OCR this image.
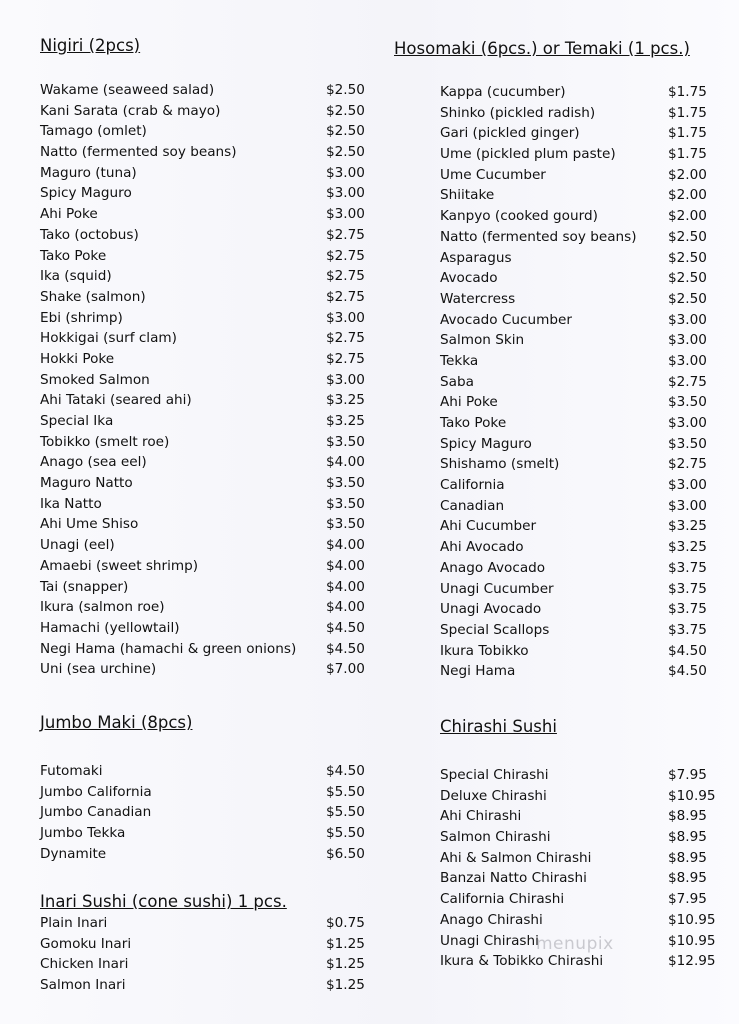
Nigiri (2pcs)
Wakame (seaweed salad)	$2.50
Kani Sarata (crab & mayo)	$2.50
Tamago (omlet)	$2.50
Natto (fermented soy beans)	$2.50
Maguro (tuna)	$3.00
Spicy Maguro	$3.00
Ahi Poke	$3.00
Tako (octobus)	$2.75
Tako Poke	$2.75
Ika (squid)	$2.75
Shake (salmon)	$2.75
Ebi (shrimp)	$3.00
Hokkigai (surf clam)	$2.75
Hokki Poke	$2.75
Smoked Salmon	$3.00
Ahi Tataki (seared ahi)	$3.25
Special Ika	$3.25
Tobikko (smelt roe)	$3.50
Anago (sea eel)	$4.00
Maguro Natto	$3.50
Ika Natto	$3.50
Ahi Ume Shiso	$3.50
Unagi (eel)	$4.00
Amaebi (sweet shrimp)	$4.00
Tai (snapper)	$4.00
Ikura (salmon roe)	$4.00
Hamachi (yellowtail)	$4.50
Negi Hama (hamachi & green onions) $4.50
Uni (sea urchine)	$7.00
Jumbo Maki (8pcs)
Futomaki	$4.50
Jumbo California	$5.50
Jumbo Canadian	$5.50
Jumbo Tekka	$5.50
Dynamite	$6.50
Inari Sushi (cone sushi) 1 pcs.
Plain Inari	$0.75
Gomoku Inari	$1.25
Chicken Inari	$1.25
Salmon Inari	$1.25
Hosomaki (6pcs.) or Temaki (1 pcs.)
Kappa (cucumber)	$1.75
Shinko (pickled radish)	$1.75
Gari (pickled ginger)	$1.75
Ume (pickled plum paste)	$1.75
Ume Cucumber	$2.00
Shiitake	$2.00
Kanpyo (cooked gourd)	$2.00
Natto (fermented soy beans) $2.50
Asparagus	$2.50
Avocado	$2.50
Watercress	$2.50
Avocado Cucumber	$3.00
Salmon Skin	$3.00
Tekka	$3.00
Saba	$2.75
Ahi Poke	$3.50
Tako Poke	$3.00
Spicy Maguro	$3.50
Shishamo (smelt)	$2.75
California	$3.00
Canadian	$3.00
Ahi Cucumber	$3.25
Ahi Avocado	$3.25
Anago Avocado	$3.75
Unagi Cucumber	$3.75
Unagi Avocado	$3.75
Special Scallops	$3.75
Ikura Tobikko	$4.50
Negi Hama	$4.50
Chirashi Sushi
Special Chirashi	$7.95
Deluxe Chirashi	$10.95
Ahi Chirashi	$8.95
Salmon Chirashi	$8.95
Ahi & Salmon Chirashi	$8.95
Banzai Natto Chirashi	$8.95
California Chirashi	$7.95
Anago Chirashi	$10.95
Unagi Chirashi	$10.95
Ikura & Tobikko Chirashi	$12.95
menupix
